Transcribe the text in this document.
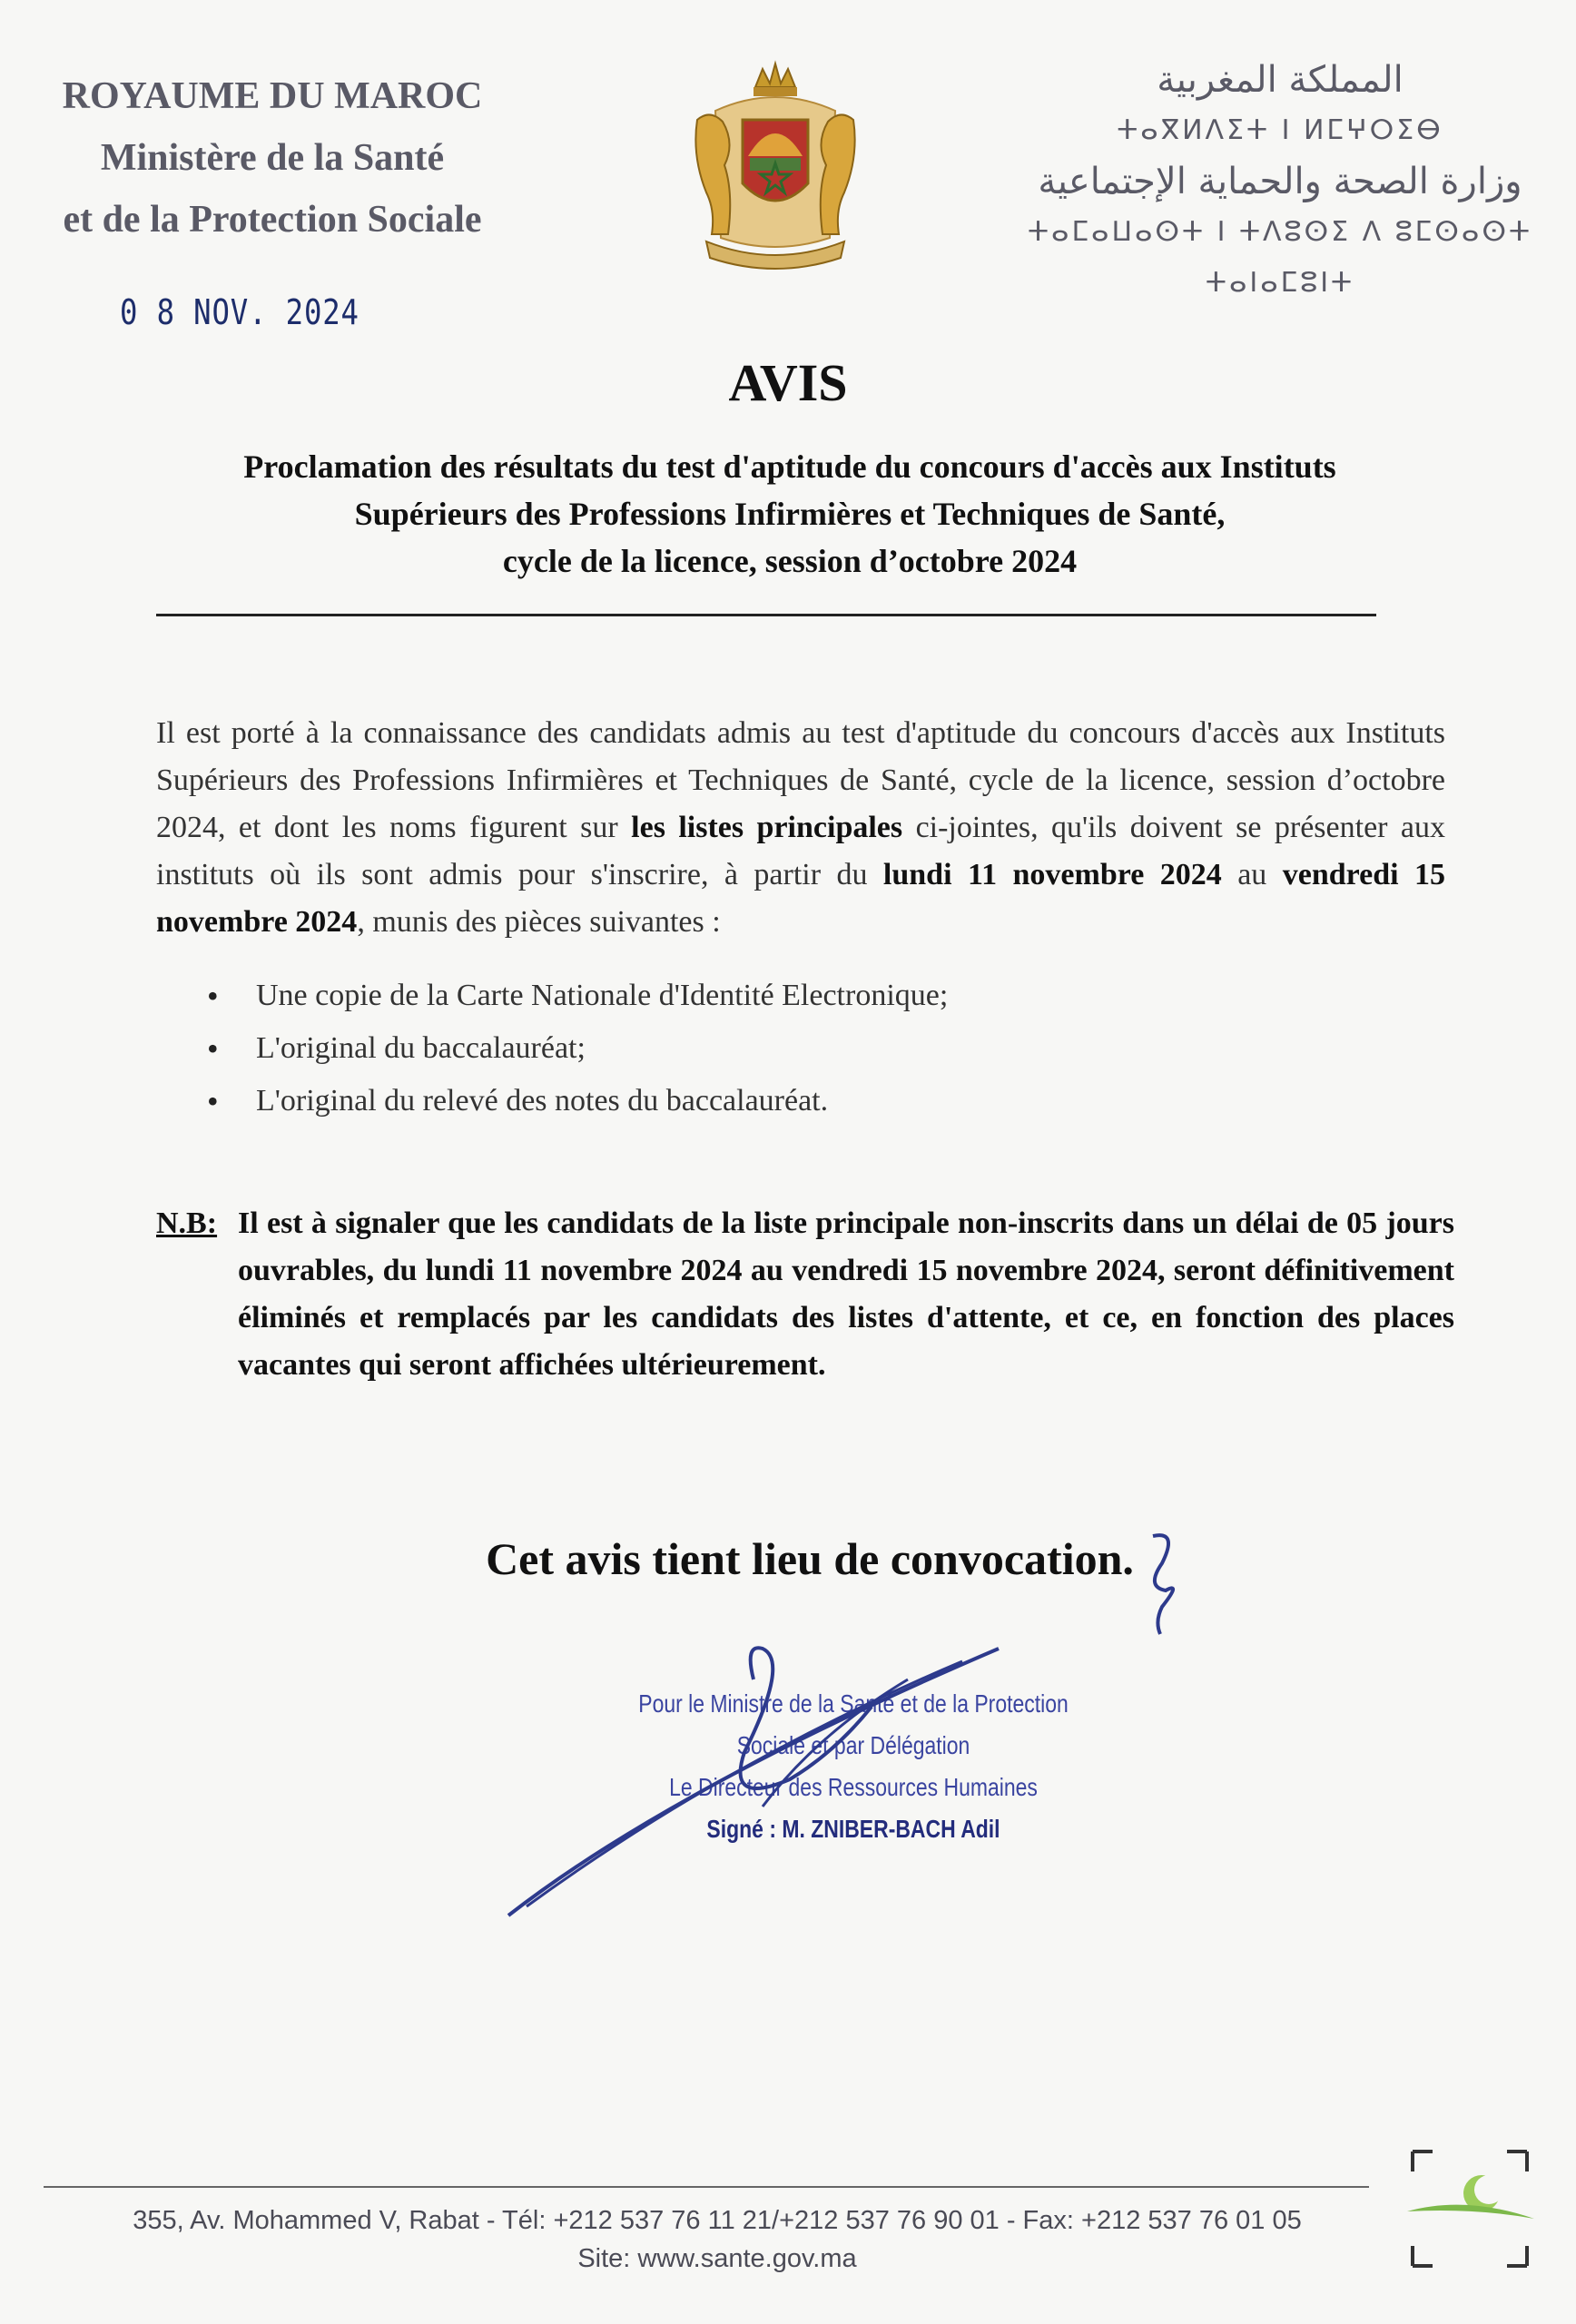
ROYAUME DU MAROC
Ministère de la Santé
et de la Protection Sociale
المملكة المغربية
ⵜⴰⴳⵍⴷⵉⵜ ⵏ ⵍⵎⵖⵔⵉⴱ
وزارة الصحة والحماية الإجتماعية
ⵜⴰⵎⴰⵡⴰⵙⵜ ⵏ ⵜⴷⵓⵙⵉ ⴷ ⵓⵎⵙⴰⵙⵜ ⵜⴰⵏⴰⵎⵓⵏⵜ
0 8 NOV. 2024
AVIS
Proclamation des résultats du test d'aptitude du concours d'accès aux Instituts
Supérieurs des Professions Infirmières et Techniques de Santé,
cycle de la licence, session d’octobre 2024
Il est porté à la connaissance des candidats admis au test d'aptitude du concours d'accès aux Instituts Supérieurs des Professions Infirmières et Techniques de Santé, cycle de la licence, session d’octobre 2024, et dont les noms figurent sur les listes principales ci-jointes, qu'ils doivent se présenter aux instituts où ils sont admis pour s'inscrire, à partir du lundi 11 novembre 2024 au vendredi 15 novembre 2024, munis des pièces suivantes :
• Une copie de la Carte Nationale d'Identité Electronique;
• L'original du baccalauréat;
• L'original du relevé des notes du baccalauréat.
N.B: Il est à signaler que les candidats de la liste principale non-inscrits dans un délai de 05 jours ouvrables, du lundi 11 novembre 2024 au vendredi 15 novembre 2024, seront définitivement éliminés et remplacés par les candidats des listes d'attente, et ce, en fonction des places vacantes qui seront affichées ultérieurement.
Cet avis tient lieu de convocation.
Pour le Ministre de la Santé et de la Protection
Sociale et par Délégation
Le Directeur des Ressources Humaines
Signé : M. ZNIBER-BACH Adil
355, Av. Mohammed V, Rabat - Tél: +212 537 76 11 21/+212 537 76 90 01 - Fax: +212 537 76 01 05
Site: www.sante.gov.ma
